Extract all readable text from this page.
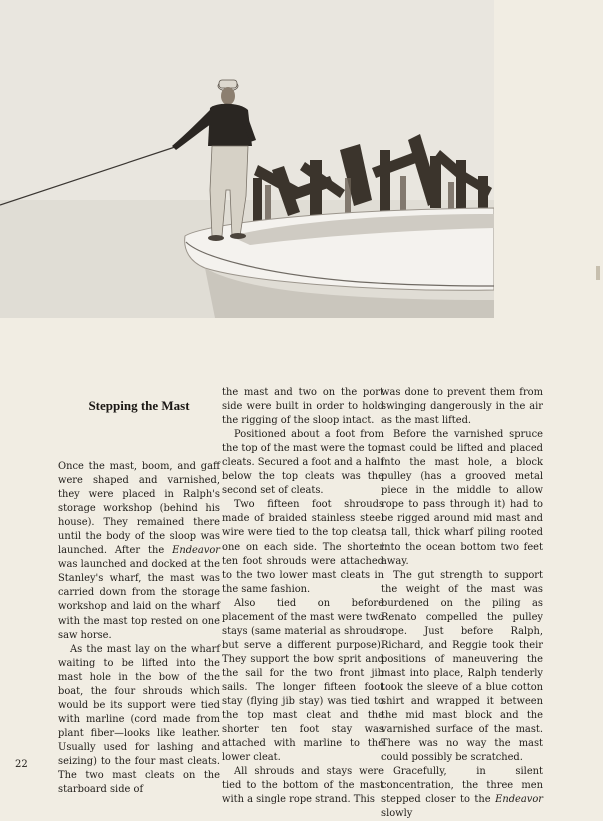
Stepping the Mast

Once the mast, boom, and gaff were shaped and varnished, they were placed in Ralph's storage workshop (behind his house). They remained there until the body of the sloop was launched. After the Endeavor was launched and docked at the Stanley's wharf, the mast was carried down from the storage workshop and laid on the wharf with the mast top rested on one saw horse.

As the mast lay on the wharf waiting to be lifted into the mast hole in the bow of the boat, the four shrouds which would be its support were tied with marline (cord made from plant fiber—looks like leather. Usually used for lashing and seizing) to the four mast cleats. The two mast cleats on the starboard side of

the mast and two on the port side were built in order to hold the rigging of the sloop intact.

Positioned about a foot from the top of the mast were the top cleats. Secured a foot and a half below the top cleats was the second set of cleats.

Two fifteen foot shrouds made of braided stainless steel wire were tied to the top cleats, one on each side. The shorter ten foot shrouds were attached to the two lower mast cleats in the same fashion.

Also tied on before placement of the mast were two stays (same material as shrouds but serve a different purpose). They support the bow sprit and the sail for the two front jib sails. The longer fifteen foot stay (flying jib stay) was tied to the top mast cleat and the shorter ten foot stay was attached with marline to the lower cleat.

All shrouds and stays were tied to the bottom of the mast with a single rope strand. This

was done to prevent them from swinging dangerously in the air as the mast lifted.

Before the varnished spruce mast could be lifted and placed into the mast hole, a block pulley (has a grooved metal piece in the middle to allow rope to pass through it) had to be rigged around mid mast and a tall, thick wharf piling rooted into the ocean bottom two feet away.

The gut strength to support the weight of the mast was burdened on the piling as Renato compelled the pulley rope. Just before Ralph, Richard, and Reggie took their positions of maneuvering the mast into place, Ralph tenderly took the sleeve of a blue cotton shirt and wrapped it between the mid mast block and the varnished surface of the mast. There was no way the mast could possibly be scratched.

Gracefully, in silent concentration, the three men stepped closer to the Endeavor slowly

22
